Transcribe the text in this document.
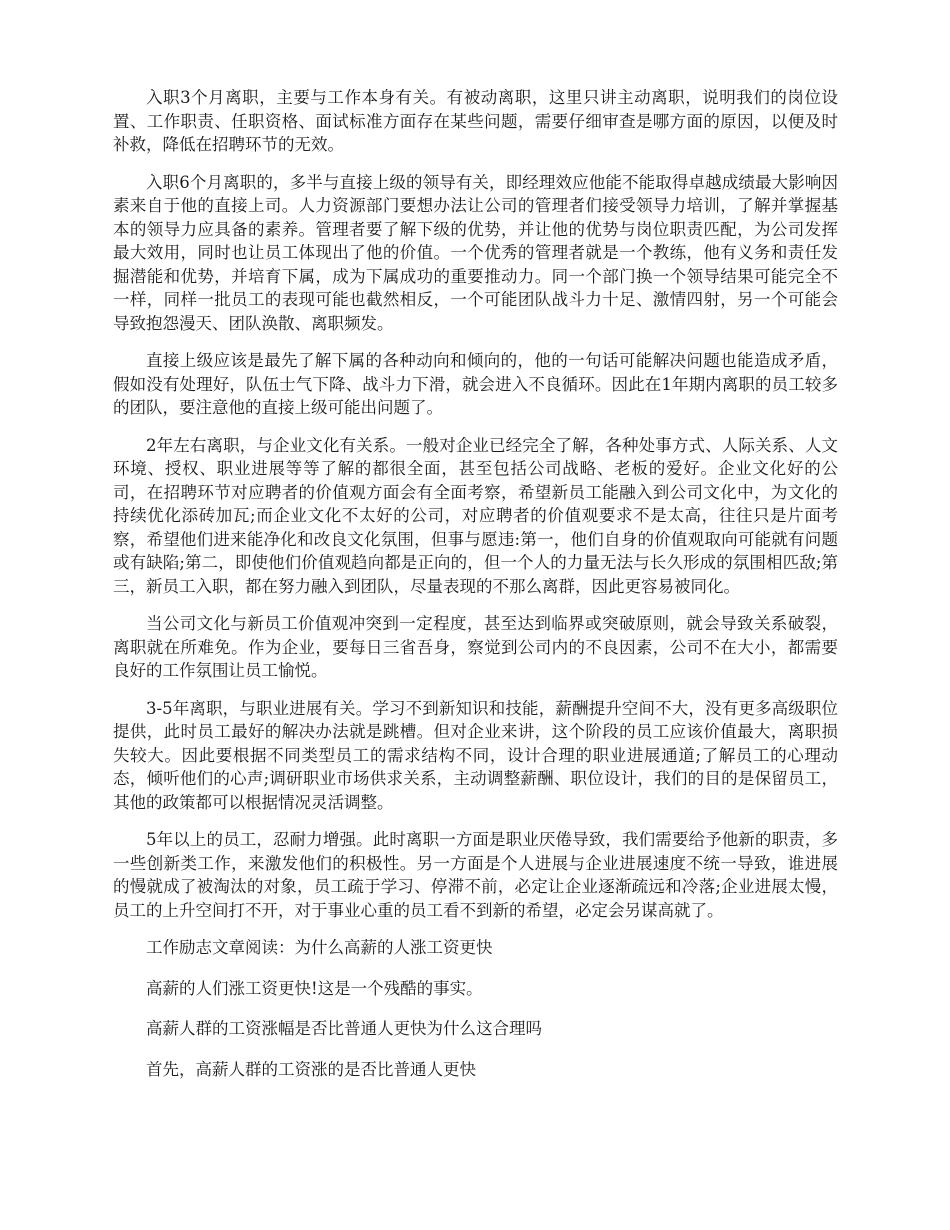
入职3个月离职，主要与工作本身有关。有被动离职，这里只讲主动离职，说明我们的岗位设置、工作职责、任职资格、面试标准方面存在某些问题，需要仔细审查是哪方面的原因，以便及时补救，降低在招聘环节的无效。

入职6个月离职的，多半与直接上级的领导有关，即经理效应他能不能取得卓越成绩最大影响因素来自于他的直接上司。人力资源部门要想办法让公司的管理者们接受领导力培训，了解并掌握基本的领导力应具备的素养。管理者要了解下级的优势，并让他的优势与岗位职责匹配，为公司发挥最大效用，同时也让员工体现出了他的价值。一个优秀的管理者就是一个教练，他有义务和责任发掘潜能和优势，并培育下属，成为下属成功的重要推动力。同一个部门换一个领导结果可能完全不一样，同样一批员工的表现可能也截然相反，一个可能团队战斗力十足、激情四射，另一个可能会导致抱怨漫天、团队涣散、离职频发。

直接上级应该是最先了解下属的各种动向和倾向的，他的一句话可能解决问题也能造成矛盾，假如没有处理好，队伍士气下降、战斗力下滑，就会进入不良循环。因此在1年期内离职的员工较多的团队，要注意他的直接上级可能出问题了。

2年左右离职，与企业文化有关系。一般对企业已经完全了解，各种处事方式、人际关系、人文环境、授权、职业进展等等了解的都很全面，甚至包括公司战略、老板的爱好。企业文化好的公司，在招聘环节对应聘者的价值观方面会有全面考察，希望新员工能融入到公司文化中，为文化的持续优化添砖加瓦;而企业文化不太好的公司，对应聘者的价值观要求不是太高，往往只是片面考察，希望他们进来能净化和改良文化氛围，但事与愿违:第一，他们自身的价值观取向可能就有问题或有缺陷;第二，即使他们价值观趋向都是正向的，但一个人的力量无法与长久形成的氛围相匹敌;第三，新员工入职，都在努力融入到团队，尽量表现的不那么离群，因此更容易被同化。

当公司文化与新员工价值观冲突到一定程度，甚至达到临界或突破原则，就会导致关系破裂，离职就在所难免。作为企业，要每日三省吾身，察觉到公司内的不良因素，公司不在大小，都需要良好的工作氛围让员工愉悦。

3-5年离职，与职业进展有关。学习不到新知识和技能，薪酬提升空间不大，没有更多高级职位提供，此时员工最好的解决办法就是跳槽。但对企业来讲，这个阶段的员工应该价值最大，离职损失较大。因此要根据不同类型员工的需求结构不同，设计合理的职业进展通道;了解员工的心理动态，倾听他们的心声;调研职业市场供求关系，主动调整薪酬、职位设计，我们的目的是保留员工，其他的政策都可以根据情况灵活调整。

5年以上的员工，忍耐力增强。此时离职一方面是职业厌倦导致，我们需要给予他新的职责，多一些创新类工作，来激发他们的积极性。另一方面是个人进展与企业进展速度不统一导致，谁进展的慢就成了被淘汰的对象，员工疏于学习、停滞不前，必定让企业逐渐疏远和冷落;企业进展太慢，员工的上升空间打不开，对于事业心重的员工看不到新的希望，必定会另谋高就了。

工作励志文章阅读：为什么高薪的人涨工资更快

高薪的人们涨工资更快!这是一个残酷的事实。

高薪人群的工资涨幅是否比普通人更快为什么这合理吗

首先，高薪人群的工资涨的是否比普通人更快
